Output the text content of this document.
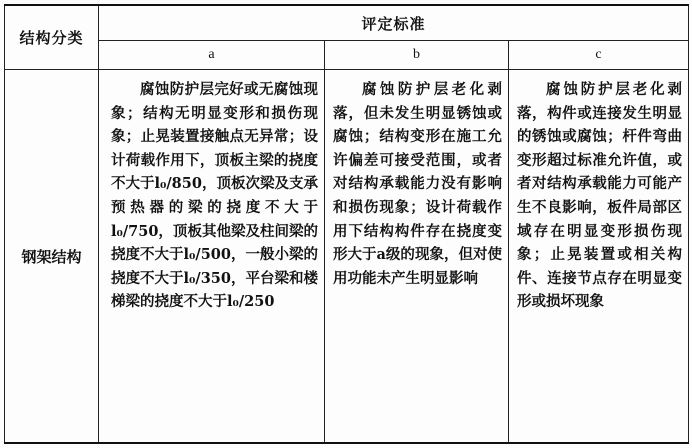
结构分类	评定标准		
	a	b	c
钢架结构	腐蚀防护层完好或无腐蚀现象；结构无明显变形和损伤现象；止晃装置接触点无异常；设计荷载作用下，顶板主梁的挠度不大于l₀/850，顶板次梁及支承预热器的梁的挠度不大于l₀/750，顶板其他梁及柱间梁的挠度不大于l₀/500，一般小梁的挠度不大于l₀/350，平台梁和楼梯梁的挠度不大于l₀/250	腐蚀防护层老化剥落，但未发生明显锈蚀或腐蚀；结构变形在施工允许偏差可接受范围，或者对结构承载能力没有影响和损伤现象；设计荷载作用下结构构件存在挠度变形大于a级的现象，但对使用功能未产生明显影响	腐蚀防护层老化剥落，构件或连接发生明显的锈蚀或腐蚀；杆件弯曲变形超过标准允许值，或者对结构承载能力可能产生不良影响，板件局部区域存在明显变形损伤现象；止晃装置或相关构件、连接节点存在明显变形或损坏现象
